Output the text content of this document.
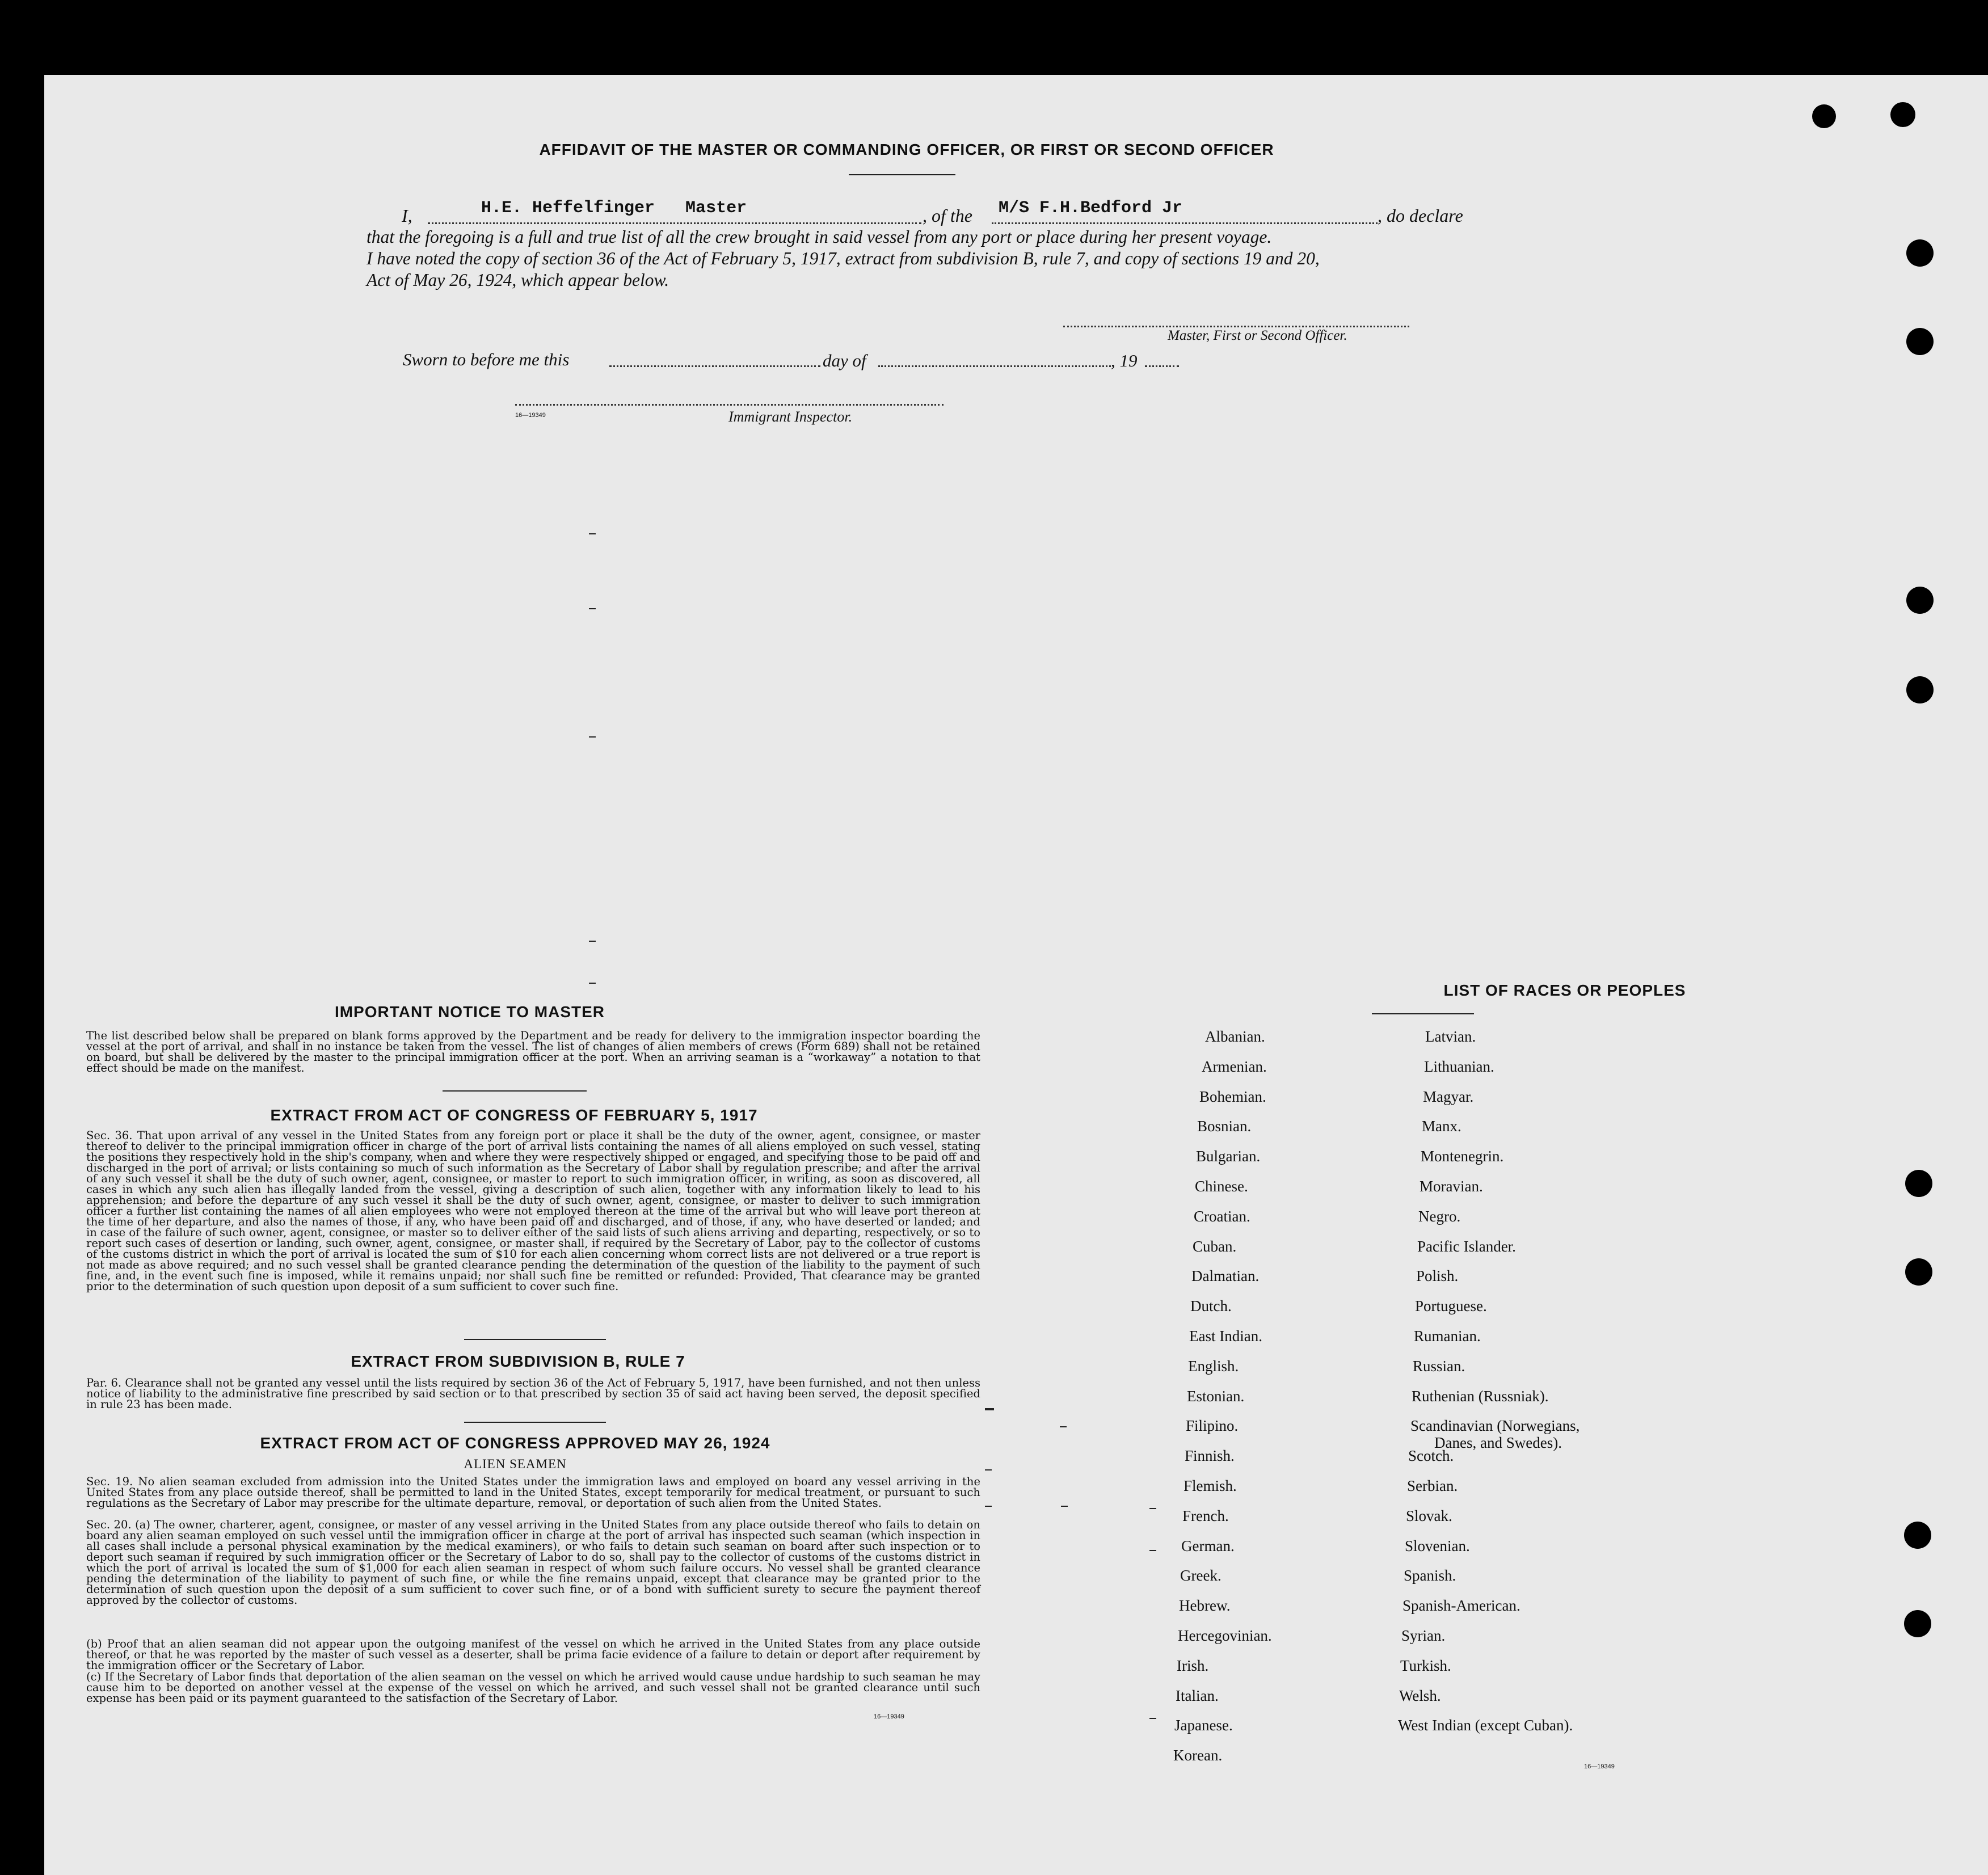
AFFIDAVIT OF THE MASTER OR COMMANDING OFFICER, OR FIRST OR SECOND OFFICER
I,	H.E. Heffelfinger   Master	, of the M/S F.H.Bedford Jr	, do declare
that the foregoing is a full and true list of all the crew brought in said vessel from any port or place during her present voyage.
I have noted the copy of section 36 of the Act of February 5, 1917, extract from subdivision B, rule 7, and copy of sections 19 and 20,
Act of May 26, 1924, which appear below.
Master, First or Second Officer.
Sworn to before me this	day of	, 19
16—19349	Immigrant Inspector.
IMPORTANT NOTICE TO MASTER
The list described below shall be prepared on blank forms approved by the Department and be ready for delivery to the immigration inspector boarding the vessel at the port of arrival, and shall in no instance be taken from the vessel. The list of changes of alien members of crews (Form 689) shall not be retained on board, but shall be delivered by the master to the principal immigration officer at the port. When an arriving seaman is a “workaway” a notation to that effect should be made on the manifest.
EXTRACT FROM ACT OF CONGRESS OF FEBRUARY 5, 1917
Sec. 36. That upon arrival of any vessel in the United States from any foreign port or place it shall be the duty of the owner, agent, consignee, or master thereof to deliver to the principal immigration officer in charge of the port of arrival lists containing the names of all aliens employed on such vessel, stating the positions they respectively hold in the ship's company, when and where they were respectively shipped or engaged, and specifying those to be paid off and discharged in the port of arrival; or lists containing so much of such information as the Secretary of Labor shall by regulation prescribe; and after the arrival of any such vessel it shall be the duty of such owner, agent, consignee, or master to report to such immigration officer, in writing, as soon as discovered, all cases in which any such alien has illegally landed from the vessel, giving a description of such alien, together with any information likely to lead to his apprehension; and before the departure of any such vessel it shall be the duty of such owner, agent, consignee, or master to deliver to such immigration officer a further list containing the names of all alien employees who were not employed thereon at the time of the arrival but who will leave port thereon at the time of her departure, and also the names of those, if any, who have been paid off and discharged, and of those, if any, who have deserted or landed; and in case of the failure of such owner, agent, consignee, or master so to deliver either of the said lists of such aliens arriving and departing, respectively, or so to report such cases of desertion or landing, such owner, agent, consignee, or master shall, if required by the Secretary of Labor, pay to the collector of customs of the customs district in which the port of arrival is located the sum of $10 for each alien concerning whom correct lists are not delivered or a true report is not made as above required; and no such vessel shall be granted clearance pending the determination of the question of the liability to the payment of such fine, and, in the event such fine is imposed, while it remains unpaid; nor shall such fine be remitted or refunded: Provided, That clearance may be granted prior to the determination of such question upon deposit of a sum sufficient to cover such fine.
EXTRACT FROM SUBDIVISION B, RULE 7
Par. 6. Clearance shall not be granted any vessel until the lists required by section 36 of the Act of February 5, 1917, have been furnished, and not then unless notice of liability to the administrative fine prescribed by said section or to that prescribed by section 35 of said act having been served, the deposit specified in rule 23 has been made.
EXTRACT FROM ACT OF CONGRESS APPROVED MAY 26, 1924
ALIEN SEAMEN
Sec. 19. No alien seaman excluded from admission into the United States under the immigration laws and employed on board any vessel arriving in the United States from any place outside thereof, shall be permitted to land in the United States, except temporarily for medical treatment, or pursuant to such regulations as the Secretary of Labor may prescribe for the ultimate departure, removal, or deportation of such alien from the United States.
Sec. 20. (a) The owner, charterer, agent, consignee, or master of any vessel arriving in the United States from any place outside thereof who fails to detain on board any alien seaman employed on such vessel until the immigration officer in charge at the port of arrival has inspected such seaman (which inspection in all cases shall include a personal physical examination by the medical examiners), or who fails to detain such seaman on board after such inspection or to deport such seaman if required by such immigration officer or the Secretary of Labor to do so, shall pay to the collector of customs of the customs district in which the port of arrival is located the sum of $1,000 for each alien seaman in respect of whom such failure occurs. No vessel shall be granted clearance pending the determination of the liability to payment of such fine, or while the fine remains unpaid, except that clearance may be granted prior to the determination of such question upon the deposit of a sum sufficient to cover such fine, or of a bond with sufficient surety to secure the payment thereof approved by the collector of customs.
(b) Proof that an alien seaman did not appear upon the outgoing manifest of the vessel on which he arrived in the United States from any place outside thereof, or that he was reported by the master of such vessel as a deserter, shall be prima facie evidence of a failure to detain or deport after requirement by the immigration officer or the Secretary of Labor.
(c) If the Secretary of Labor finds that deportation of the alien seaman on the vessel on which he arrived would cause undue hardship to such seaman he may cause him to be deported on another vessel at the expense of the vessel on which he arrived, and such vessel shall not be granted clearance until such expense has been paid or its payment guaranteed to the satisfaction of the Secretary of Labor.
16—19349
LIST OF RACES OR PEOPLES
16—19349
Albanian.
Armenian.
Bohemian.
Bosnian.
Bulgarian.
Chinese.
Croatian.
Cuban.
Dalmatian.
Dutch.
East Indian.
English.
Estonian.
Filipino.
Finnish.
Flemish.
French.
German.
Greek.
Hebrew.
Hercegovinian.
Irish.
Italian.
Japanese.
Korean.
Latvian.
Lithuanian.
Magyar.
Manx.
Montenegrin.
Moravian.
Negro.
Pacific Islander.
Polish.
Portuguese.
Rumanian.
Russian.
Ruthenian (Russniak).
Scandinavian (Norwegians,
Danes, and Swedes).
Scotch.
Serbian.
Slovak.
Slovenian.
Spanish.
Spanish-American.
Syrian.
Turkish.
Welsh.
West Indian (except Cuban).
